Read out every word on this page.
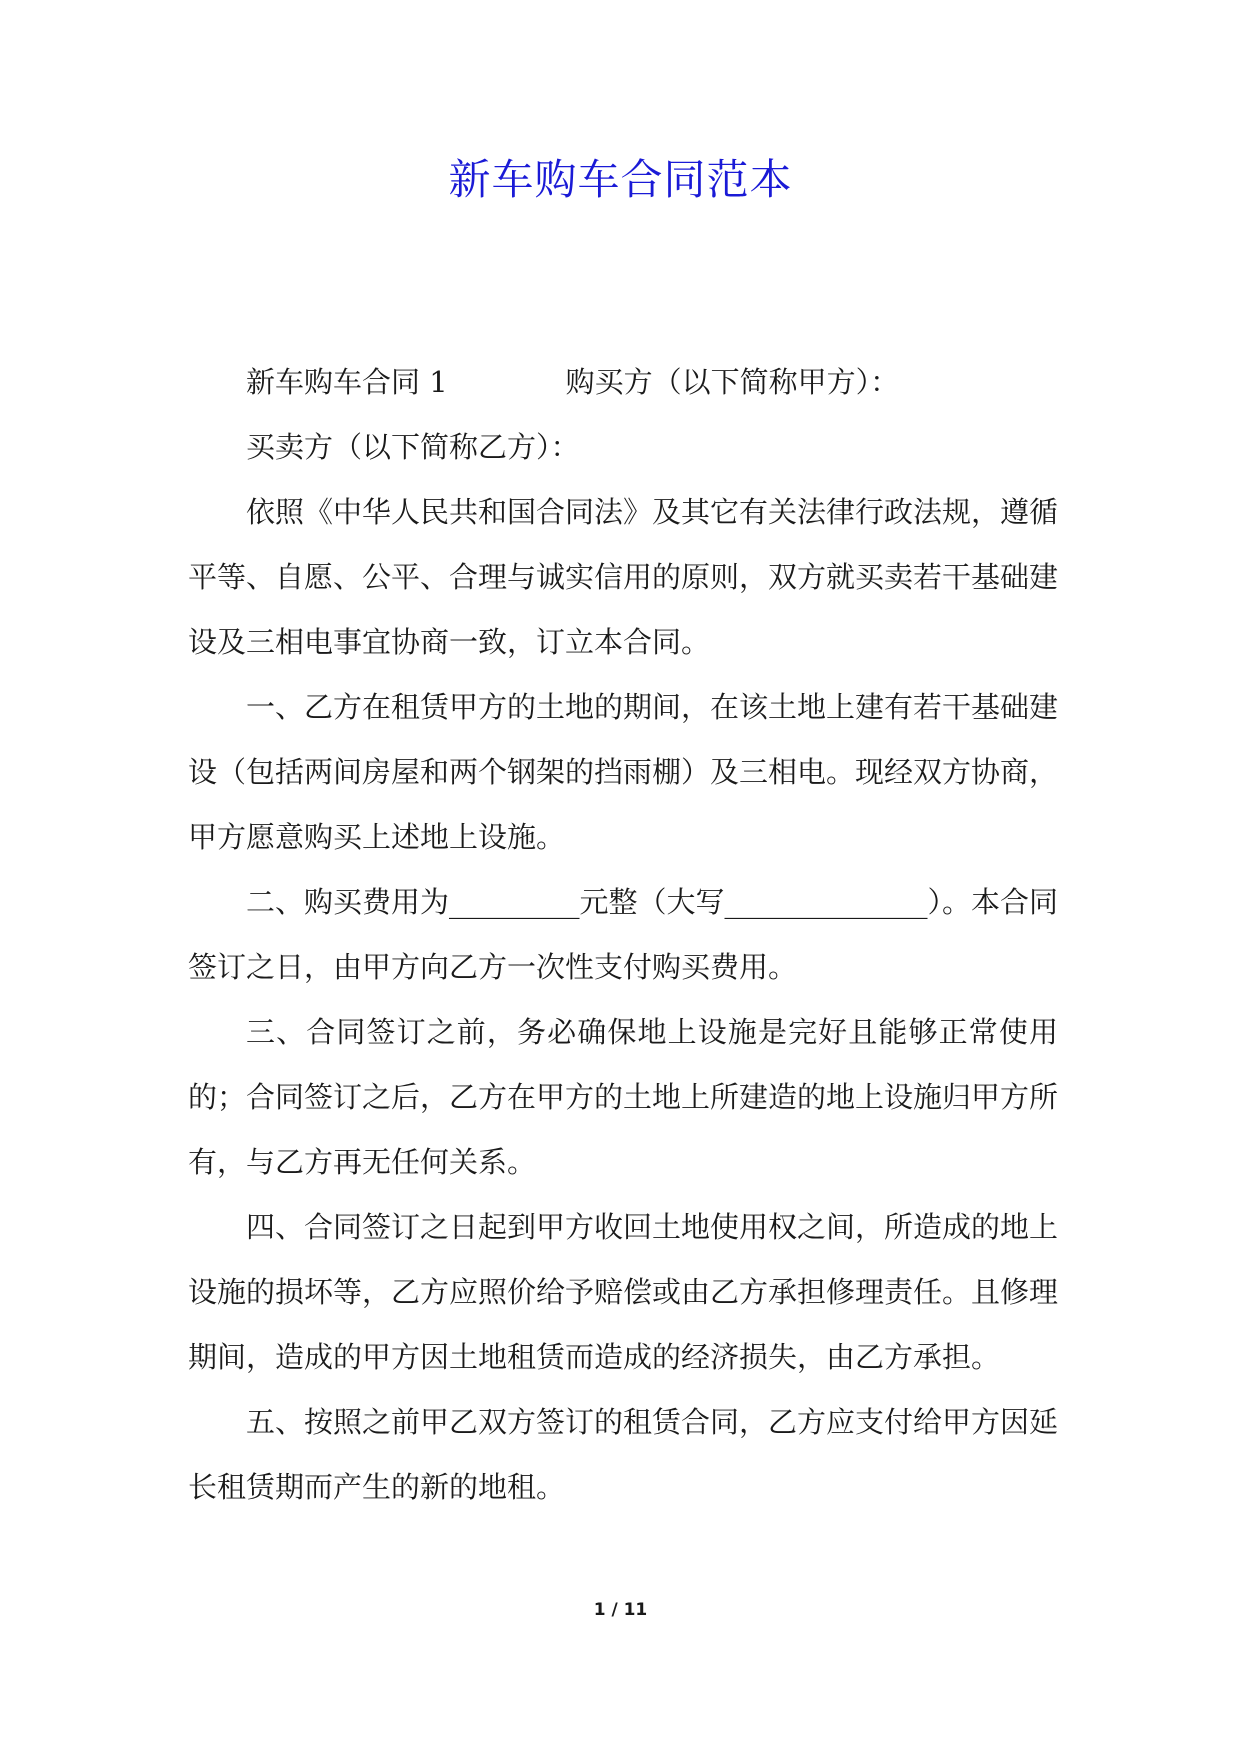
新车购车合同范本

新车购车合同 1	购买方（以下简称甲方）：

买卖方（以下简称乙方）：

依照《中华人民共和国合同法》及其它有关法律行政法规，遵循平等、自愿、公平、合理与诚实信用的原则，双方就买卖若干基础建设及三相电事宜协商一致，订立本合同。

一、乙方在租赁甲方的土地的期间，在该土地上建有若干基础建设（包括两间房屋和两个钢架的挡雨棚）及三相电。现经双方协商，甲方愿意购买上述地上设施。

二、购买费用为_________元整（大写______________）。本合同签订之日，由甲方向乙方一次性支付购买费用。

三、合同签订之前，务必确保地上设施是完好且能够正常使用的；合同签订之后，乙方在甲方的土地上所建造的地上设施归甲方所有，与乙方再无任何关系。

四、合同签订之日起到甲方收回土地使用权之间，所造成的地上设施的损坏等，乙方应照价给予赔偿或由乙方承担修理责任。且修理期间，造成的甲方因土地租赁而造成的经济损失，由乙方承担。

五、按照之前甲乙双方签订的租赁合同，乙方应支付给甲方因延长租赁期而产生的新的地租。

1 / 11
